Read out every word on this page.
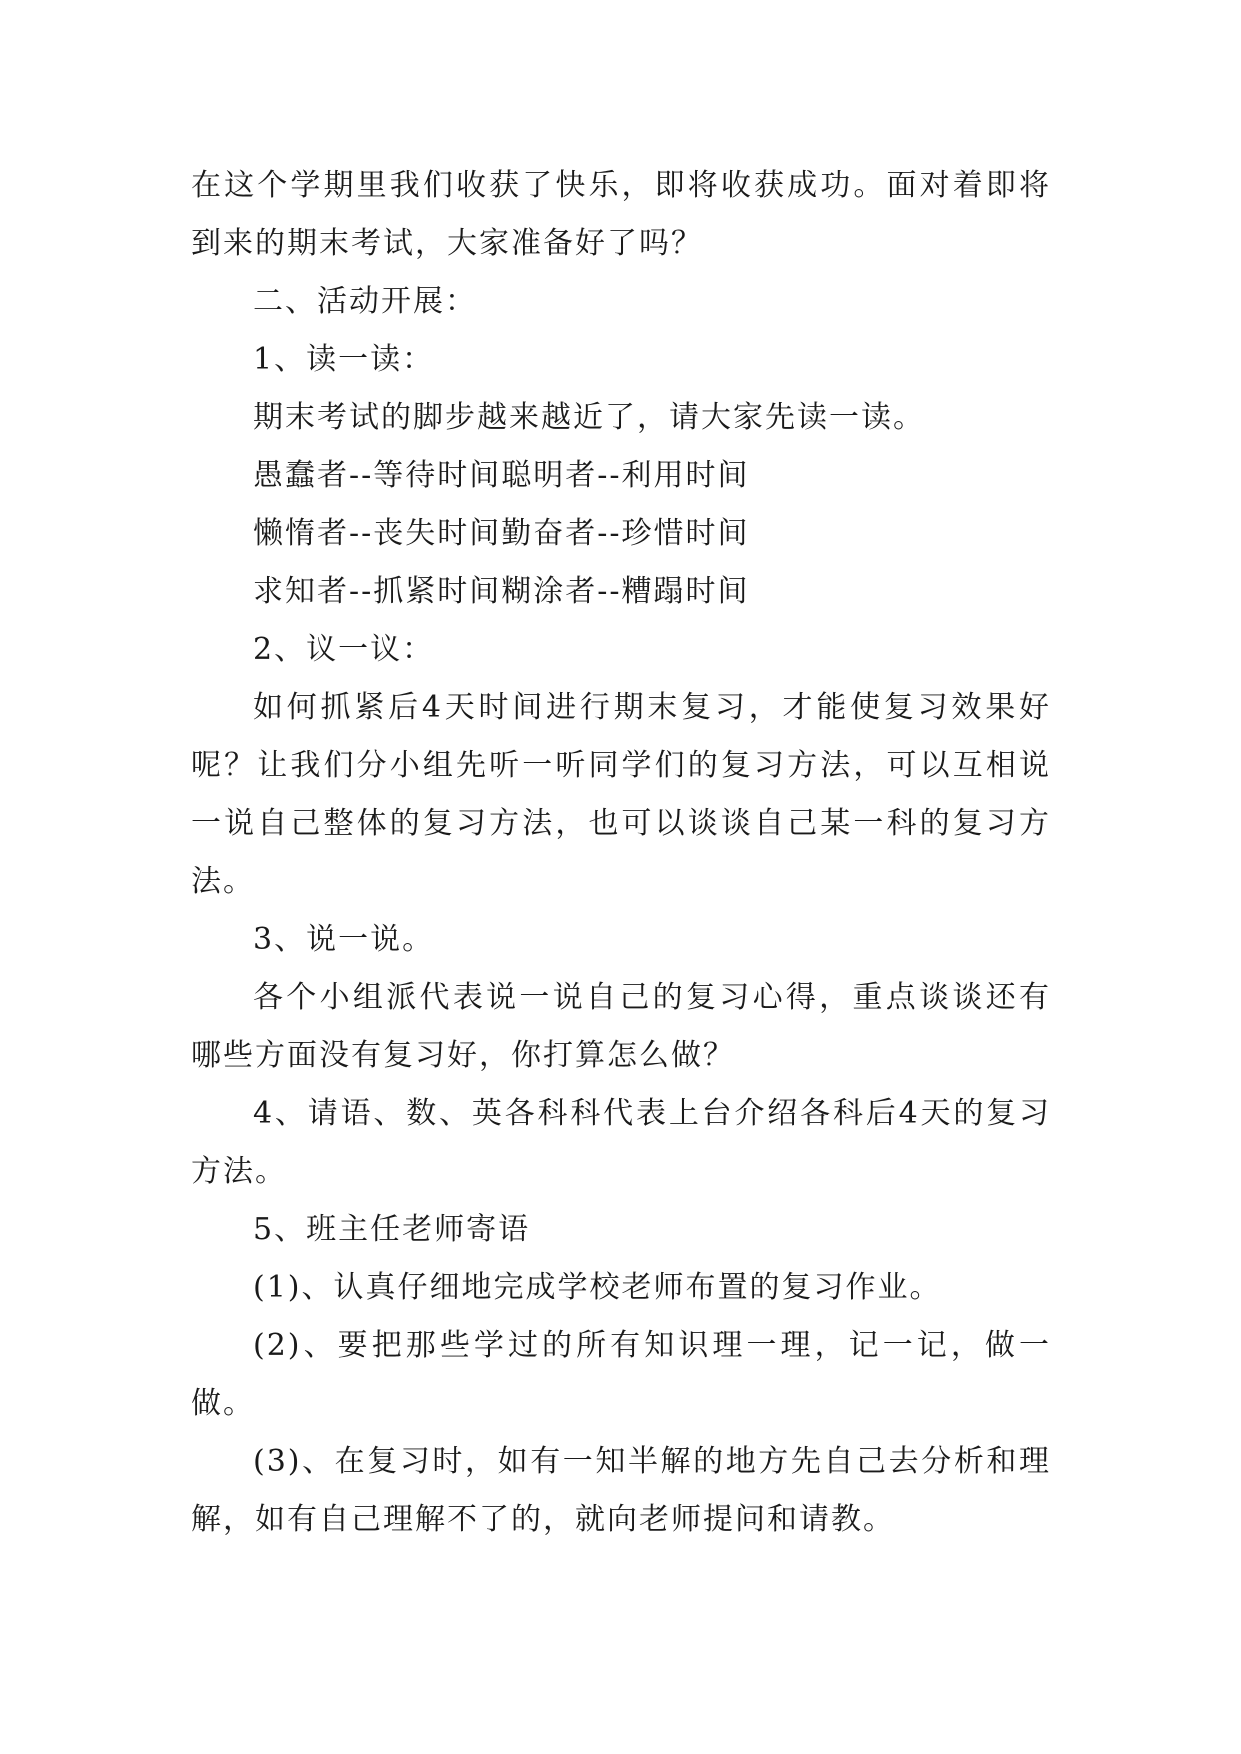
在这个学期里我们收获了快乐，即将收获成功。面对着即将到来的期末考试，大家准备好了吗？

二、活动开展：

1、读一读：

期末考试的脚步越来越近了，请大家先读一读。

愚蠢者--等待时间聪明者--利用时间

懒惰者--丧失时间勤奋者--珍惜时间

求知者--抓紧时间糊涂者--糟蹋时间

2、议一议：

如何抓紧后4天时间进行期末复习，才能使复习效果好呢？让我们分小组先听一听同学们的复习方法，可以互相说一说自己整体的复习方法，也可以谈谈自己某一科的复习方法。

3、说一说。

各个小组派代表说一说自己的复习心得，重点谈谈还有哪些方面没有复习好，你打算怎么做？

4、请语、数、英各科科代表上台介绍各科后4天的复习方法。

5、班主任老师寄语

(1)、认真仔细地完成学校老师布置的复习作业。

(2)、要把那些学过的所有知识理一理，记一记，做一做。

(3)、在复习时，如有一知半解的地方先自己去分析和理解，如有自己理解不了的，就向老师提问和请教。
